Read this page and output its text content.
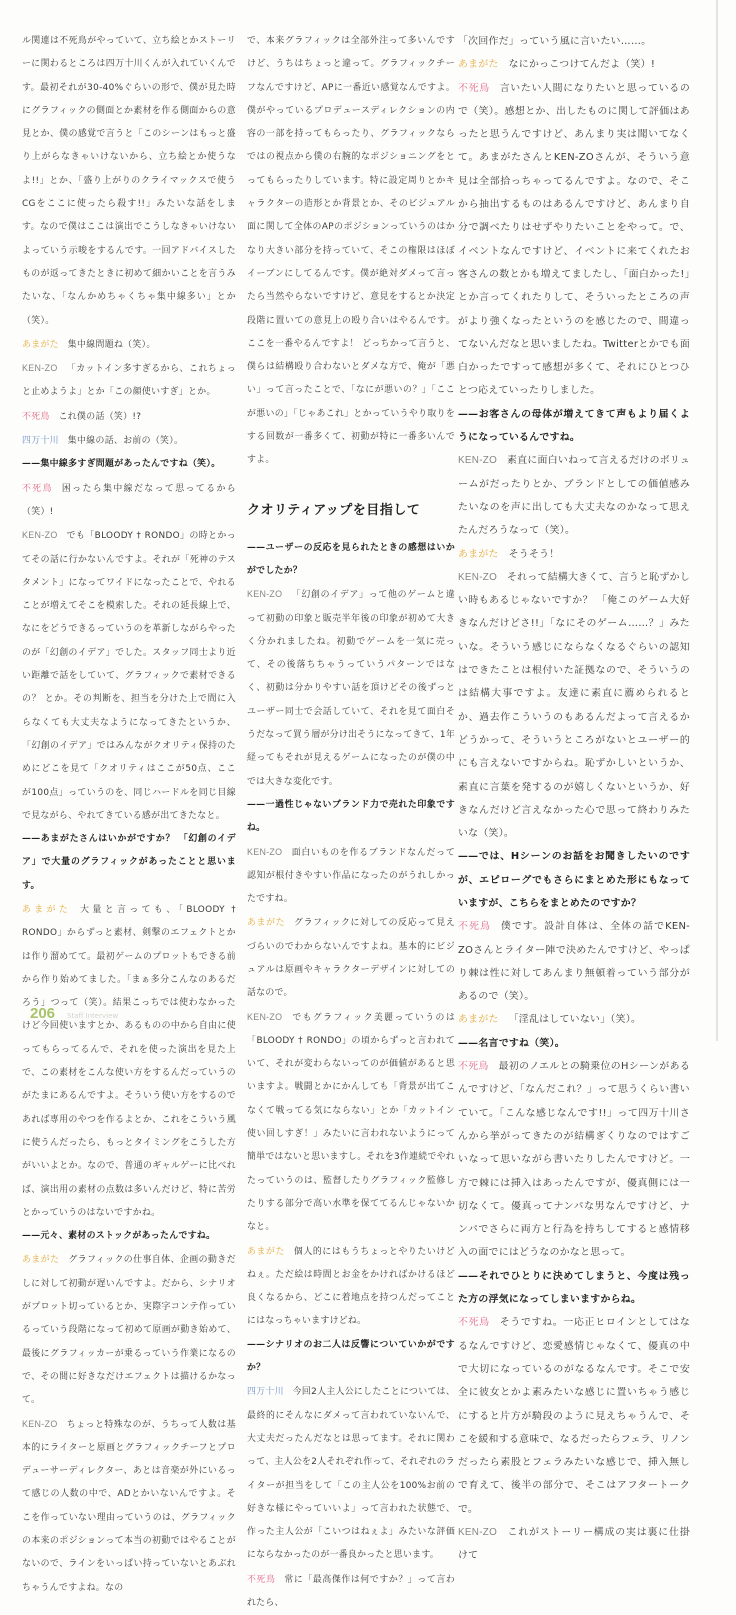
ル関連は不死鳥がやっていて、立ち絵とかストーリーに関わるところは四万十川くんが入れていくんです。最初それが30-40%ぐらいの形で、僕が見た時にグラフィックの側面とか素材を作る側面からの意見とか、僕の感覚で言うと「このシーンはもっと盛り上がらなきゃいけないから、立ち絵とか使うなよ!!」とか、「盛り上がりのクライマックスで使うCGをここに使ったら殺す!!」みたいな話をします。なので僕はここは演出でこうしなきゃいけないよっていう示唆をするんです。一回アドバイスしたものが返ってきたときに初めて細かいことを言うみたいな、「なんかめちゃくちゃ集中線多い」とか（笑）。

あまがた 集中線問題ね（笑）。

KEN-ZO 「カットイン多すぎるから、これちょっと止めようよ」とか「この顔使いすぎ」とか。

不死鳥 これ僕の話（笑）!?

四万十川 集中線の話、お前の（笑）。

——集中線多すぎ問題があったんですね（笑）。

不死鳥 困ったら集中線だなって思ってるから（笑）!

KEN-ZO でも「BLOODY † RONDO」の時とかってその話に行かないんですよ。それが「死神のテスタメント」になってワイドになったことで、やれることが増えてそこを模索した。それの延長線上で、なにをどうできるっていうのを革新しながらやったのが「幻創のイデア」でした。スタッフ同士より近い距離で話をしていて、グラフィックで素材できるの？ とか。その判断を、担当を分けた上で間に入らなくても大丈夫なようになってきたというか、「幻創のイデア」ではみんながクオリティ保持のためにどこを見て「クオリティはここが50点、ここが100点」っていうのを、同じハードルを同じ目線で見ながら、やれてきている感が出てきたなと。

——あまがたさんはいかがですか？ 「幻創のイデア」で大量のグラフィックがあったことと思います。

あまがた 大量と言っても、「BLOODY † RONDO」からずっと素材、剣撃のエフェクトとかは作り溜めてて。最初ゲームのプロットもできる前から作り始めてました。「まぁ多分こんなのあるだろう」つって（笑）。結果こっちでは使わなかったけど今回使いますとか、あるものの中から自由に使ってもらってるんで、それを使った演出を見た上で、この素材をこんな使い方をするんだっていうのがたまにあるんですよ。そういう使い方をするのであれば専用のやつを作るよとか、これをこういう風に使うんだったら、もっとタイミングをこうした方がいいよとか。なので、普通のギャルゲーに比べれば、演出用の素材の点数は多いんだけど、特に苦労とかっていうのはないですかね。

——元々、素材のストックがあったんですね。

あまがた グラフィックの仕事自体、企画の動きだしに対して初動が遅いんですよ。だから、シナリオがプロット切っているとか、実際字コンテ作っているっていう段階になって初めて原画が動き始めて、最後にグラフィッカーが乗るっていう作業になるので、その間に好きなだけエフェクトは描けるかなって。

KEN-ZO ちょっと特殊なのが、うちって人数は基本的にライターと原画とグラフィックチーフとプロデューサーディレクター、あとは音楽が外にいるって感じの人数の中で、ADとかいないんですよ。そこを作っていない理由っていうのは、グラフィックの本来のポジションって本当の初動ではやることがないので、ラインをいっぱい持っていないとあぶれちゃうんですよね。なの

で、本来グラフィックは全部外注って多いんですけど、うちはちょっと違って。グラフィックチーフなんですけど、APに一番近い感覚なんですよ。僕がやっているプロデュースディレクションの内容の一部を持ってもらったり、グラフィックならではの視点から僕の右腕的なポジショニングをとってもらったりしています。特に設定周りとかキャラクターの造形とか背景とか、そのビジュアル面に関して全体のAPのポジションっていうのはかなり大きい部分を持っていて、そこの権限はほぼイーブンにしてるんです。僕が絶対ダメって言ったら当然やらないですけど、意見をするとか決定段階に置いての意見上の殴り合いはやるんです。ここを一番やるんですよ！ どっちかって言うと、僕らは結構殴り合わないとダメな方で、俺が「悪い」って言ったことで、「なにが悪いの？」「ここが悪いの」「じゃあこれ」とかっていうやり取りをする回数が一番多くて、初動が特に一番多いんですよ。

クオリティアップを目指して

——ユーザーの反応を見られたときの感想はいかがでしたか？

KEN-ZO 「幻創のイデア」って他のゲームと違って初動の印象と販売半年後の印象が初めて大きく分かれましたね。初動でゲームを一気に売って、その後落ちちゃうっていうパターンではなく、初動は分かりやすい話を頂けどその後ずっとユーザー同士で会話していて、それを見て面白そうだなって買う層が分け出そうになってきて、1年経ってもそれが見えるゲームになったのが僕の中では大きな変化です。

——一過性じゃないブランド力で売れた印象ですね。

KEN-ZO 面白いものを作るブランドなんだって認知が根付きやすい作品になったのがうれしかったですね。

あまがた グラフィックに対しての反応って見えづらいのでわからないんですよね。基本的にビジュアルは原画やキャラクターデザインに対しての話なので。

KEN-ZO でもグラフィック美麗っていうのは「BLOODY † RONDO」の頃からずっと言われていて、それが変わらないってのが価値があると思いますよ。戦闘とかにかんしても「背景が出てこなくて戦ってる気にならない」とか「カットイン使い回しすぎ！」みたいに言われないようにって簡単ではないと思いますし。それを3作連続でやれたっていうのは、監督したりグラフィック監修したりする部分で高い水準を保ててるんじゃないかなと。

あまがた 個人的にはもうちょっとやりたいけどねぇ。ただ絵は時間とお金をかければかけるほど良くなるから、どこに着地点を持つんだってことにはなっちゃいますけどね。

——シナリオのお二人は反響についていかがですか？

四万十川 今回2人主人公にしたことについては、最終的にそんなにダメって言われていないんで、大丈夫だったんだなとは思ってます。それに関わって、主人公を2人それぞれ作って、それぞれのライターが担当をして「この主人公を100%お前の好きな様にやっていいよ」って言われた状態で、作った主人公が「こいつはねぇよ」みたいな評価にならなかったのが一番良かったと思います。

不死鳥 常に「最高傑作は何ですか？」って言われたら、

「次回作だ」っていう風に言いたい……。

あまがた なにかっこつけてんだよ（笑）!

不死鳥 言いたい人間になりたいと思っているので（笑）。感想とか、出したものに関して評価はあったと思うんですけど、あんまり実は聞いてなくて。あまがたさんとKEN-ZOさんが、そういう意見は全部拾っちゃってるんですよ。なので、そこから抽出するものはあるんですけど、あんまり自分で調べたりはせずやりたいことをやって。で、イベントなんですけど、イベントに来てくれたお客さんの数とかも増えてましたし、「面白かった!」とか言ってくれたりして、そういったところの声がより強くなったというのを感じたので、間違ってないんだなと思いましたね。Twitterとかでも面白かったですって感想が多くて、それにひとつひとつ応えていったりしました。

——お客さんの母体が増えてきて声もより届くようになっているんですね。

KEN-ZO 素直に面白いねって言えるだけのボリュームがだったりとか、ブランドとしての価値感みたいなのを声に出しても大丈夫なのかなって思えたんだろうなって（笑）。

あまがた そうそう！

KEN-ZO それって結構大きくて、言うと恥ずかしい時もあるじゃないですか？ 「俺このゲーム大好きなんだけどさ!!」「なにそのゲーム……？」みたいな。そういう感じにならなくなるぐらいの認知はできたことは根付いた証拠なので、そういうのは結構大事ですよ。友達に素直に薦められるとか、過去作こういうのもあるんだよって言えるかどうかって、そういうところがないとユーザー的にも言えないですからね。恥ずかしいというか、素直に言葉を発するのが嬉しくないというか、好きなんだけど言えなかった心で思って終わりみたいな（笑）。

——では、Hシーンのお話をお聞きしたいのですが、エピローグでもさらにまとめた形にもなっていますが、こちらをまとめたのですか？

不死鳥 僕です。設計自体は、全体の話でKEN-ZOさんとライター陣で決めたんですけど、やっぱり棘は性に対してあんまり無頓着っていう部分があるので（笑）。

あまがた 「淫乱はしていない」（笑）。

——名言ですね（笑）。

不死鳥 最初のノエルとの騎乗位のHシーンがあるんですけど、「なんだこれ？」って思うくらい書いていて。「こんな感じなんです!!」って四万十川さんから挙がってきたのが結構ぎくりなのではすごいなって思いながら書いたりしたんですけど。一方で棘には挿入はあったんですが、優真側には一切なくて。優真ってナンパな男なんですけど、ナンパでさらに両方と行為を持ちしてすると感情移入の面でにはどうなのかなと思って。

——それでひとりに決めてしまうと、今度は残った方の浮気になってしまいますからね。

不死鳥 そうですね。一応正ヒロインとしてはなるなんですけど、恋愛感情じゃなくて、優真の中で大切になっているのがなるなんです。そこで安全に彼女とかよ素みたいな感じに置いちゃう感じにすると片方が騎段のように見えちゃうんで、そこを緩和する意味で、なるだったらフェラ、リノンだったら素股とフェラみたいな感じで、挿入無しで育えて、後半の部分で、そこはアフタートークで。

KEN-ZO これがストーリー構成の実は裏に仕掛けて

206 Staff Interview
